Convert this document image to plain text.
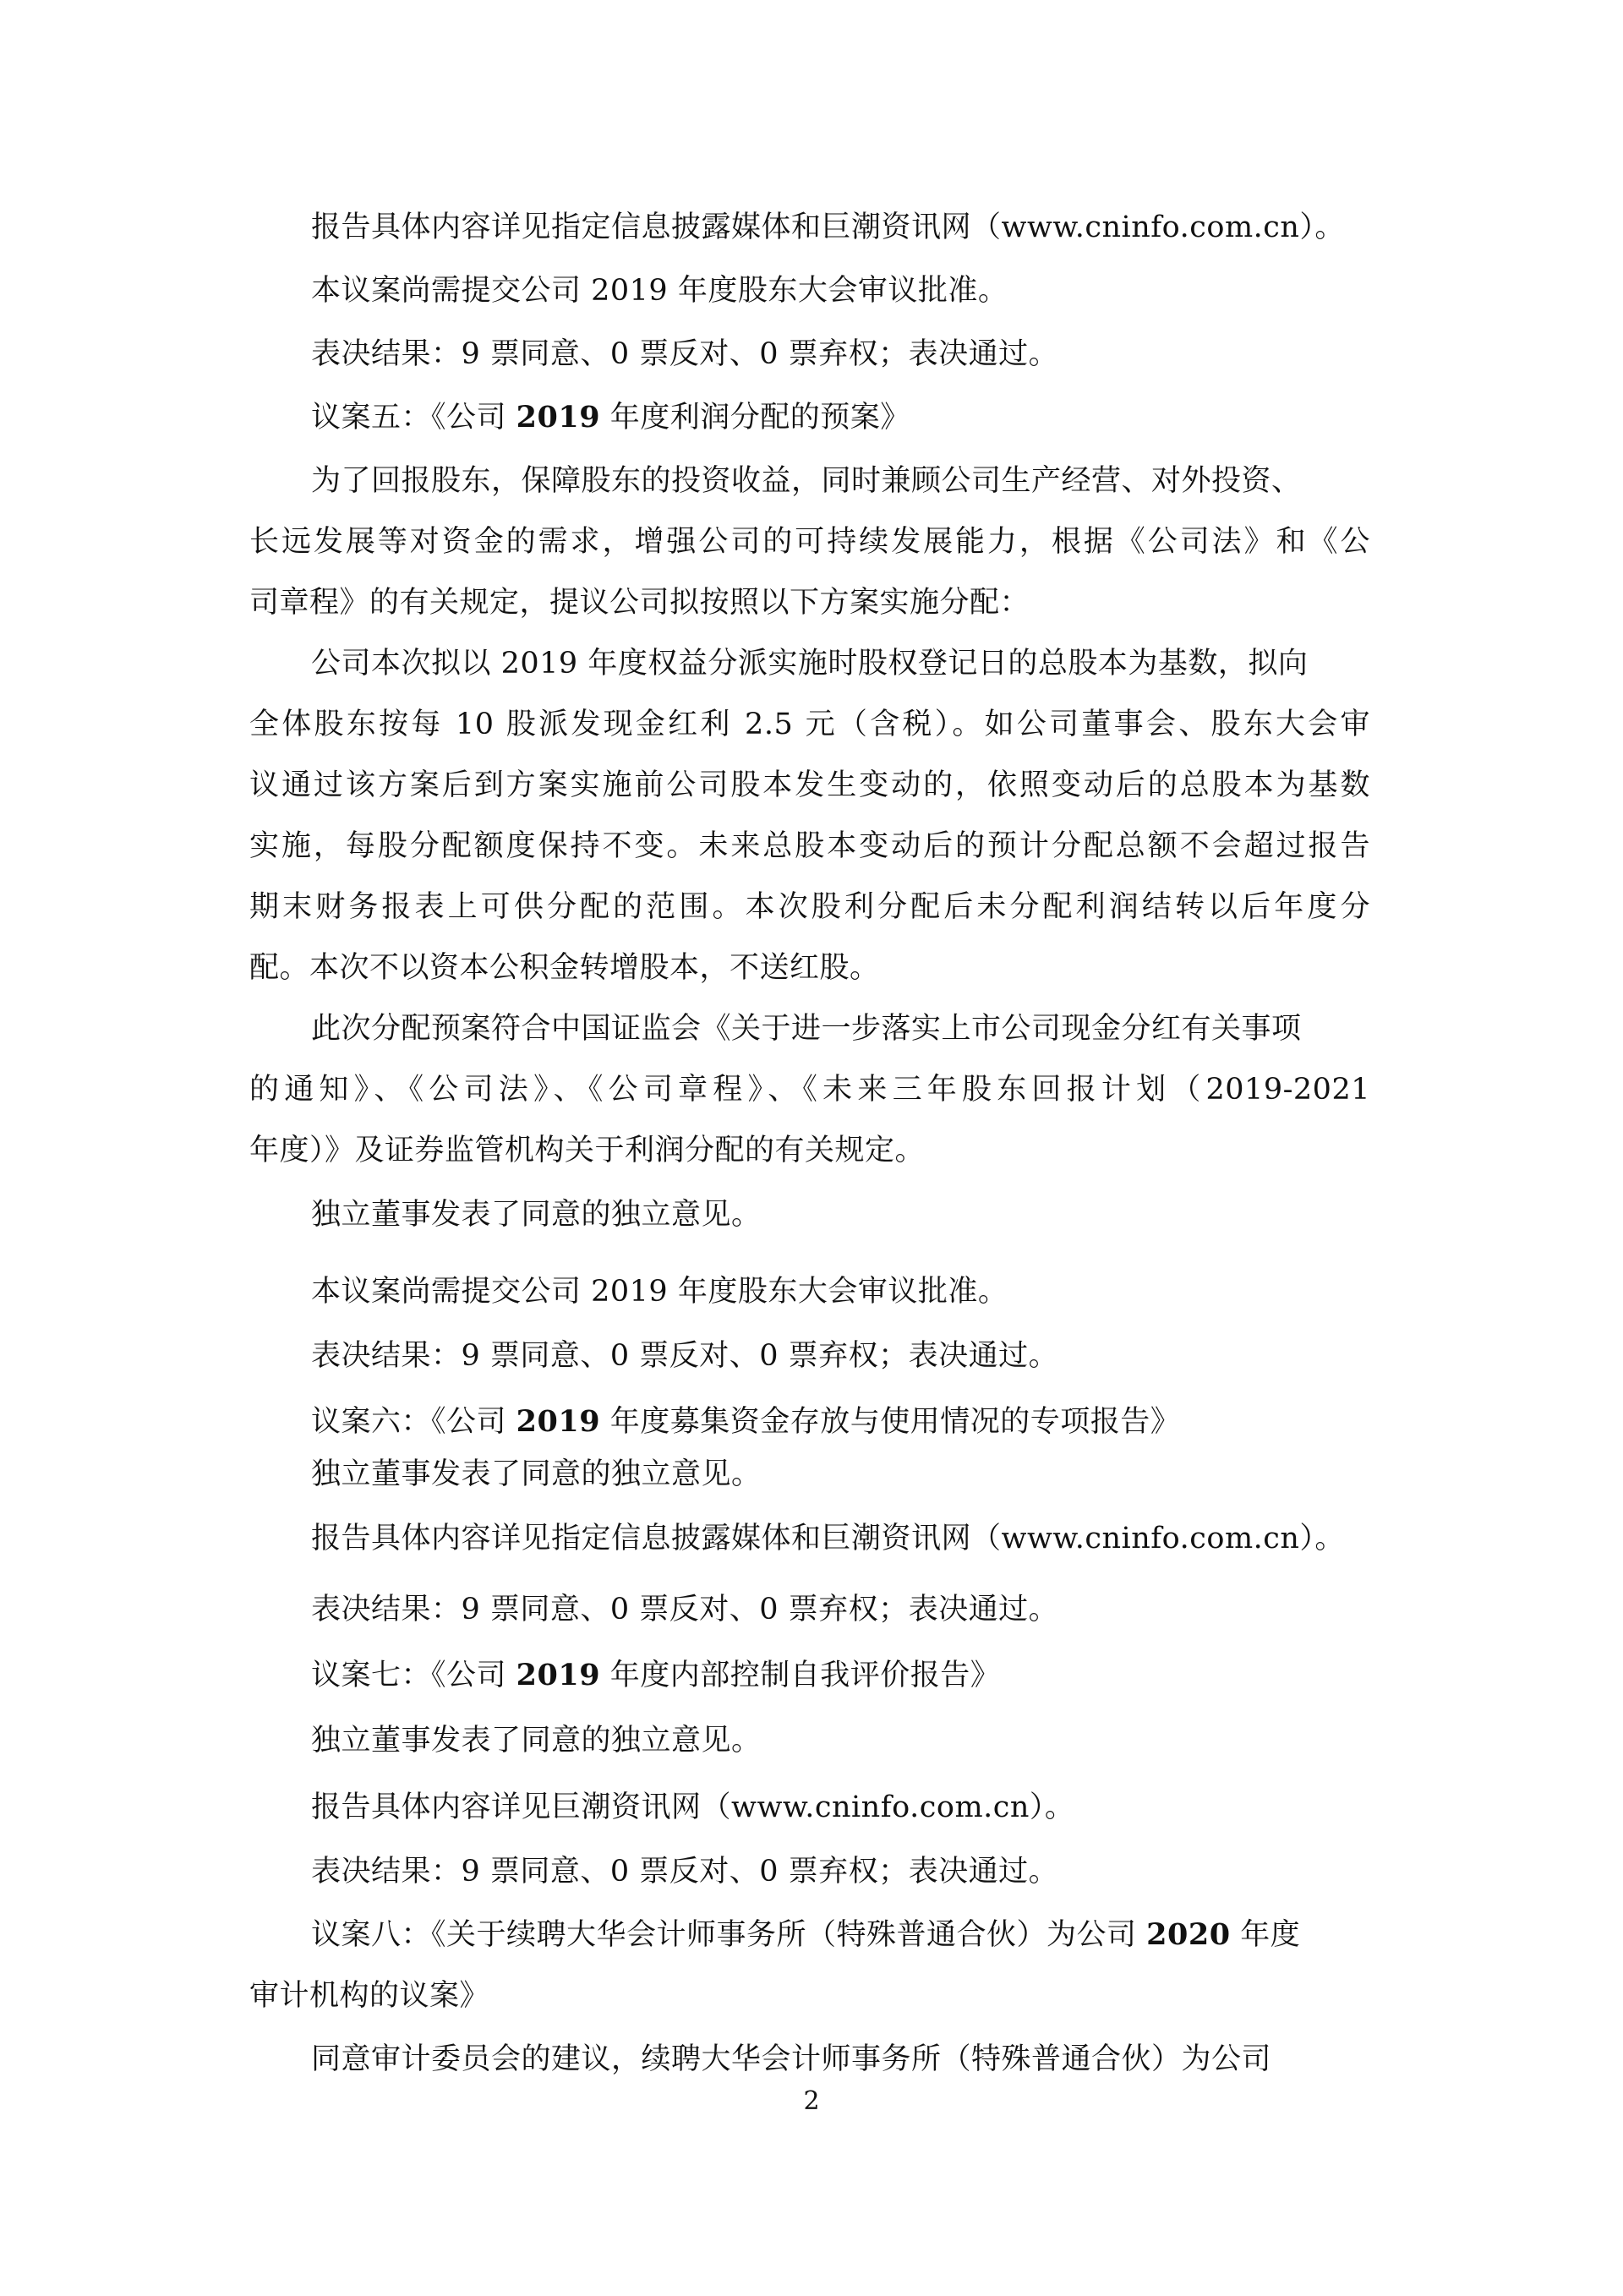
报告具体内容详见指定信息披露媒体和巨潮资讯网（www.cninfo.com.cn）。
本议案尚需提交公司 2019 年度股东大会审议批准。
表决结果：9 票同意、0 票反对、0 票弃权；表决通过。
议案五：《公司 2019 年度利润分配的预案》
为了回报股东，保障股东的投资收益，同时兼顾公司生产经营、对外投资、
长远发展等对资金的需求，增强公司的可持续发展能力，根据《公司法》和《公
司章程》的有关规定，提议公司拟按照以下方案实施分配：
公司本次拟以 2019 年度权益分派实施时股权登记日的总股本为基数，拟向
全体股东按每 10 股派发现金红利 2.5 元（含税）。如公司董事会、股东大会审
议通过该方案后到方案实施前公司股本发生变动的，依照变动后的总股本为基数
实施，每股分配额度保持不变。未来总股本变动后的预计分配总额不会超过报告
期末财务报表上可供分配的范围。本次股利分配后未分配利润结转以后年度分
配。本次不以资本公积金转增股本，不送红股。
此次分配预案符合中国证监会《关于进一步落实上市公司现金分红有关事项
的通知》、《公司法》、《公司章程》、《未来三年股东回报计划（2019-2021
年度）》及证券监管机构关于利润分配的有关规定。
独立董事发表了同意的独立意见。
本议案尚需提交公司 2019 年度股东大会审议批准。
表决结果：9 票同意、0 票反对、0 票弃权；表决通过。
议案六：《公司 2019 年度募集资金存放与使用情况的专项报告》
独立董事发表了同意的独立意见。
报告具体内容详见指定信息披露媒体和巨潮资讯网（www.cninfo.com.cn）。
表决结果：9 票同意、0 票反对、0 票弃权；表决通过。
议案七：《公司 2019 年度内部控制自我评价报告》
独立董事发表了同意的独立意见。
报告具体内容详见巨潮资讯网（www.cninfo.com.cn）。
表决结果：9 票同意、0 票反对、0 票弃权；表决通过。
议案八：《关于续聘大华会计师事务所（特殊普通合伙）为公司 2020 年度
审计机构的议案》
同意审计委员会的建议，续聘大华会计师事务所（特殊普通合伙）为公司
2
